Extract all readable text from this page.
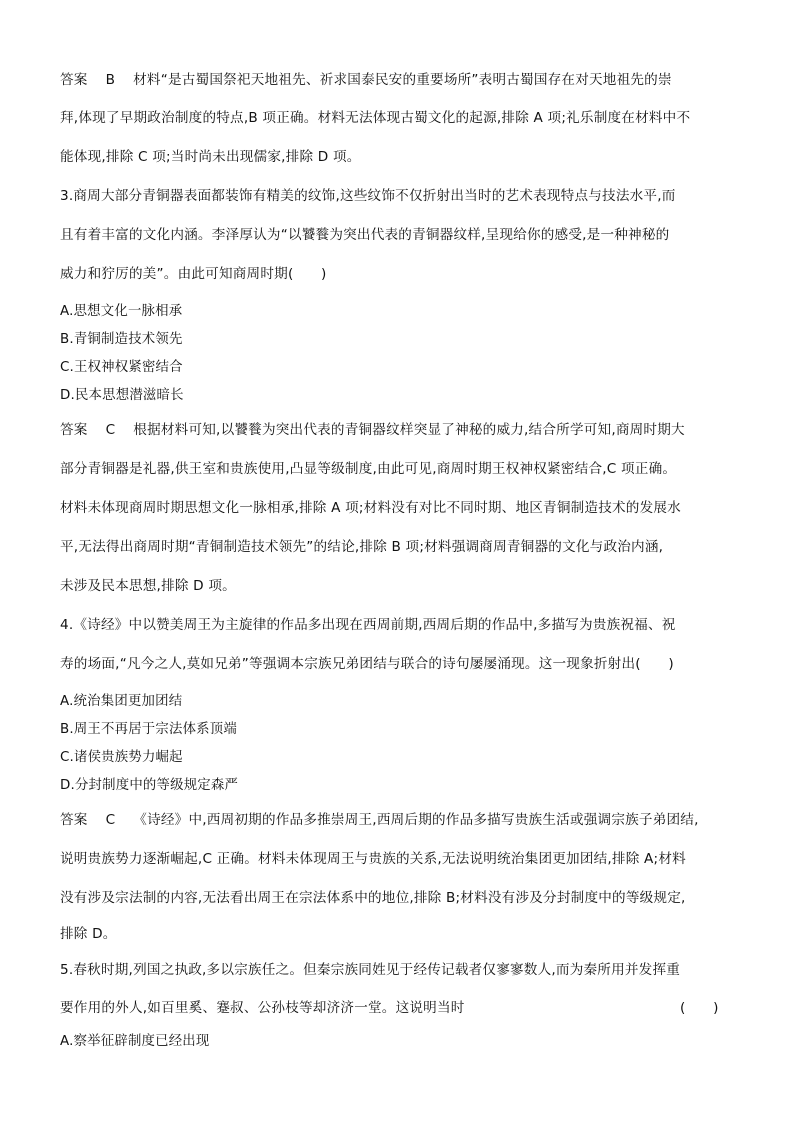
答案 B 材料“是古蜀国祭祀天地祖先、祈求国泰民安的重要场所”表明古蜀国存在对天地祖先的崇
拜,体现了早期政治制度的特点,B 项正确。材料无法体现古蜀文化的起源,排除 A 项;礼乐制度在材料中不
能体现,排除 C 项;当时尚未出现儒家,排除 D 项。
3.商周大部分青铜器表面都装饰有精美的纹饰,这些纹饰不仅折射出当时的艺术表现特点与技法水平,而
且有着丰富的文化内涵。李泽厚认为“以饕餮为突出代表的青铜器纹样,呈现给你的感受,是一种神秘的
威力和狞厉的美”。由此可知商周时期(　　)
A.思想文化一脉相承
B.青铜制造技术领先
C.王权神权紧密结合
D.民本思想潜滋暗长
答案 C 根据材料可知,以饕餮为突出代表的青铜器纹样突显了神秘的威力,结合所学可知,商周时期大
部分青铜器是礼器,供王室和贵族使用,凸显等级制度,由此可见,商周时期王权神权紧密结合,C 项正确。
材料未体现商周时期思想文化一脉相承,排除 A 项;材料没有对比不同时期、地区青铜制造技术的发展水
平,无法得出商周时期“青铜制造技术领先”的结论,排除 B 项;材料强调商周青铜器的文化与政治内涵,
未涉及民本思想,排除 D 项。
4.《诗经》中以赞美周王为主旋律的作品多出现在西周前期,西周后期的作品中,多描写为贵族祝福、祝
寿的场面,“凡今之人,莫如兄弟”等强调本宗族兄弟团结与联合的诗句屡屡涌现。这一现象折射出(　　)
A.统治集团更加团结
B.周王不再居于宗法体系顶端
C.诸侯贵族势力崛起
D.分封制度中的等级规定森严
答案 C 《诗经》中,西周初期的作品多推崇周王,西周后期的作品多描写贵族生活或强调宗族子弟团结,
说明贵族势力逐渐崛起,C 正确。材料未体现周王与贵族的关系,无法说明统治集团更加团结,排除 A;材料
没有涉及宗法制的内容,无法看出周王在宗法体系中的地位,排除 B;材料没有涉及分封制度中的等级规定,
排除 D。
5.春秋时期,列国之执政,多以宗族任之。但秦宗族同姓见于经传记载者仅寥寥数人,而为秦所用并发挥重
要作用的外人,如百里奚、蹇叔、公孙枝等却济济一堂。这说明当时	(　　)
A.察举征辟制度已经出现
